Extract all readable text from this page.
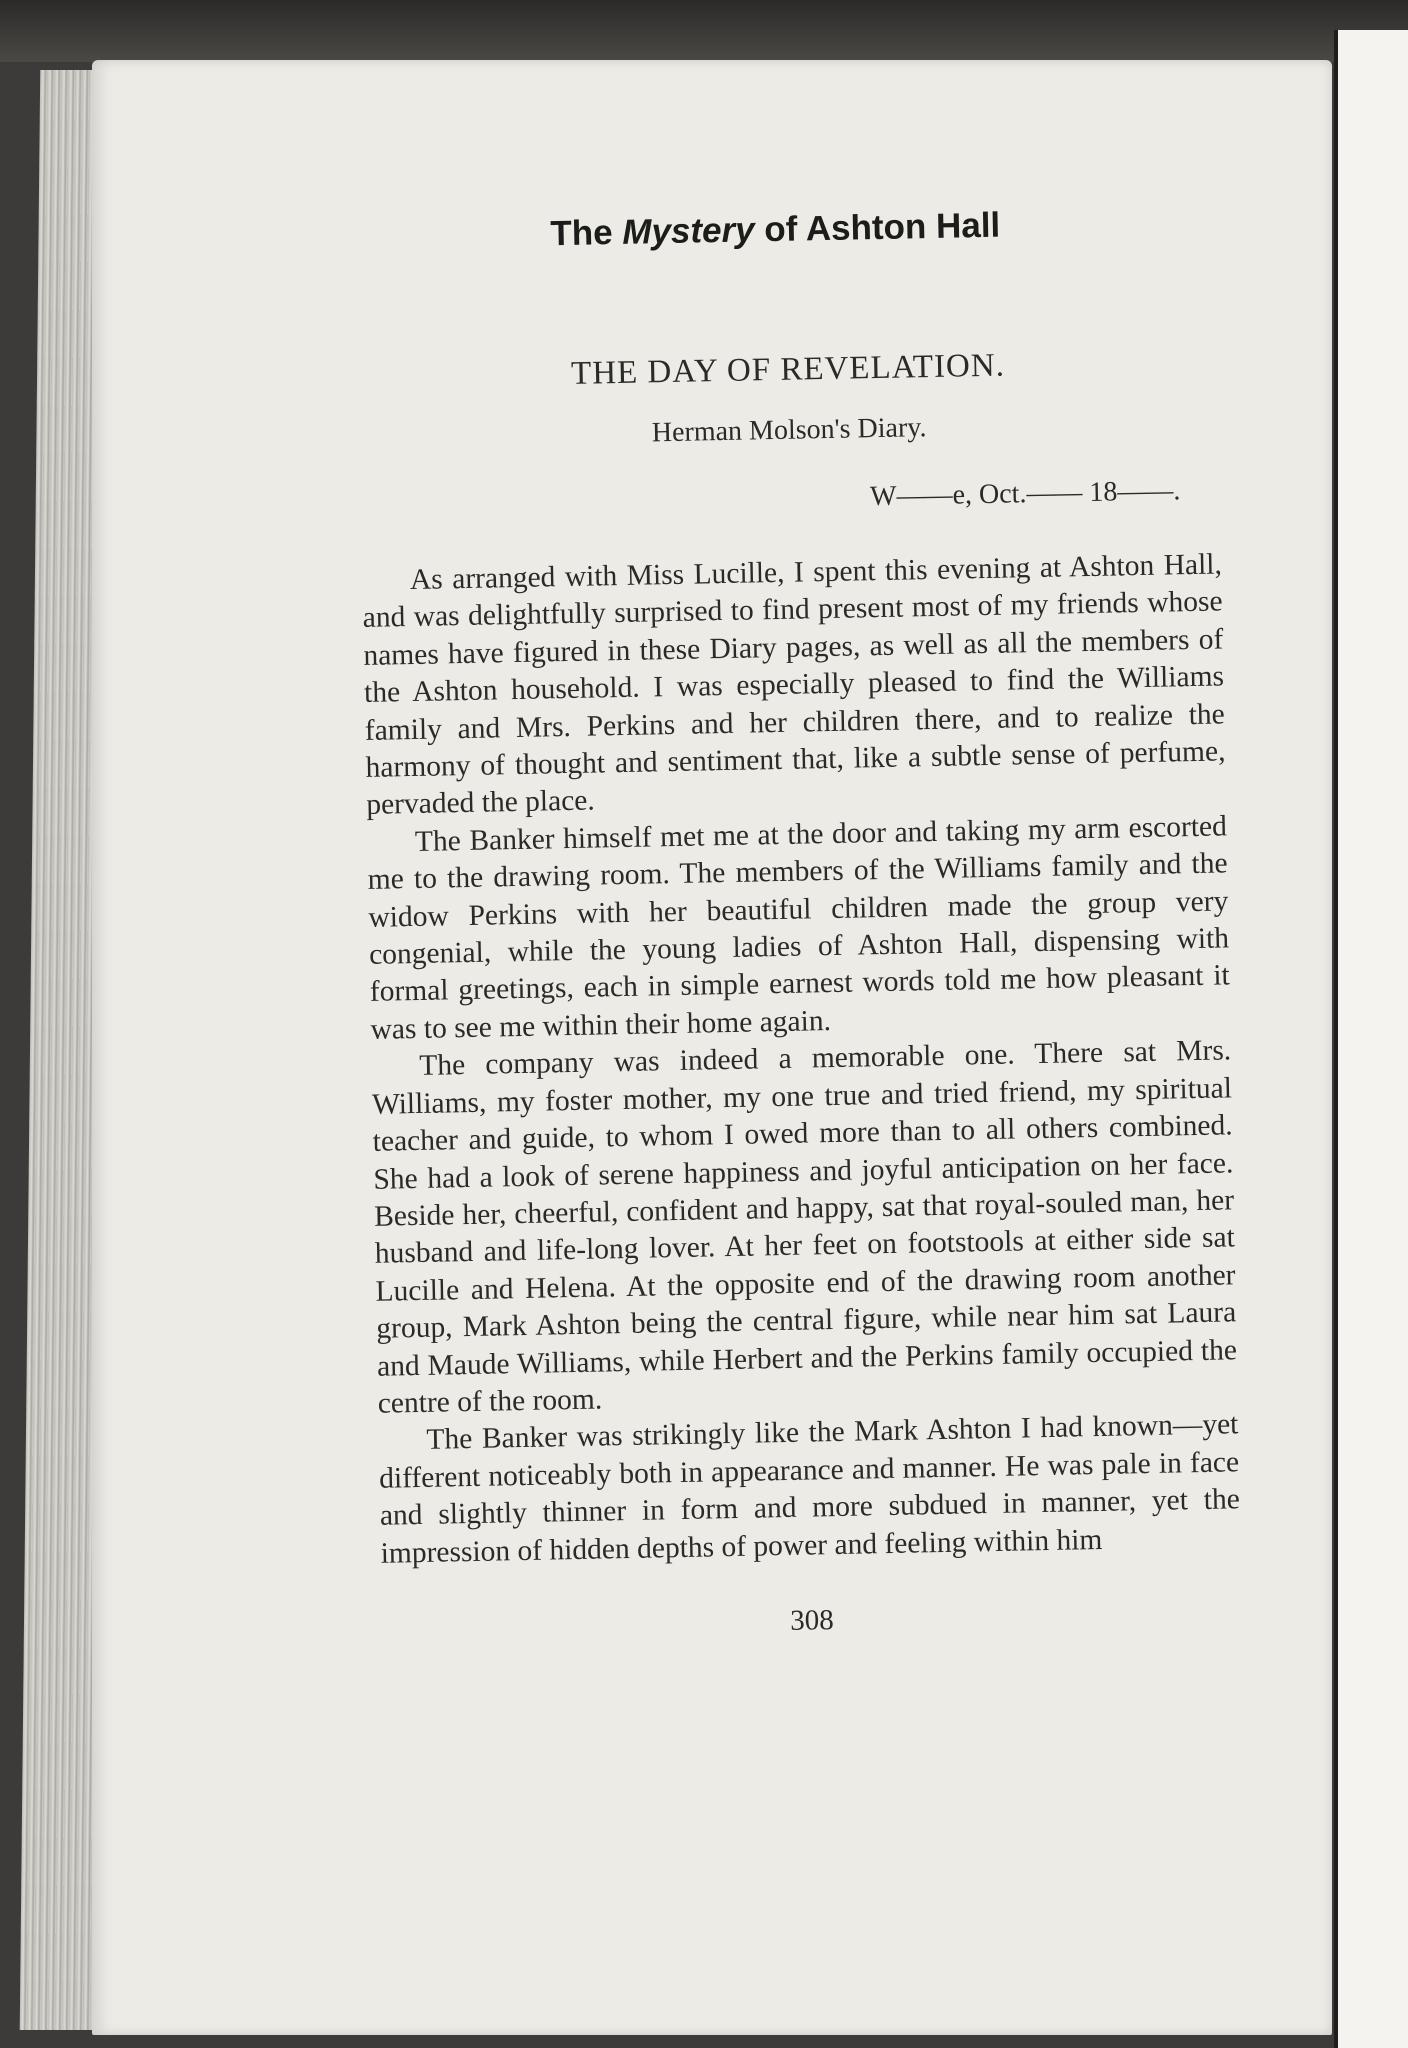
The Mystery of Ashton Hall
THE DAY OF REVELATION.
Herman Molson's Diary.
W——e, Oct.—— 18——.

As arranged with Miss Lucille, I spent this evening at Ashton Hall, and was delightfully surprised to find present most of my friends whose names have figured in these Diary pages, as well as all the members of the Ashton household. I was especially pleased to find the Williams family and Mrs. Perkins and her children there, and to realize the harmony of thought and sentiment that, like a subtle sense of perfume, pervaded the place.

The Banker himself met me at the door and taking my arm escorted me to the drawing room. The members of the Williams family and the widow Perkins with her beautiful children made the group very congenial, while the young ladies of Ashton Hall, dispensing with formal greetings, each in simple earnest words told me how pleasant it was to see me within their home again.

The company was indeed a memorable one. There sat Mrs. Williams, my foster mother, my one true and tried friend, my spiritual teacher and guide, to whom I owed more than to all others combined. She had a look of serene happiness and joyful anticipation on her face. Beside her, cheerful, confident and happy, sat that royal-souled man, her husband and life-long lover. At her feet on footstools at either side sat Lucille and Helena. At the opposite end of the drawing room another group, Mark Ashton being the central figure, while near him sat Laura and Maude Williams, while Herbert and the Perkins family occupied the centre of the room.

The Banker was strikingly like the Mark Ashton I had known—yet different noticeably both in appearance and manner. He was pale in face and slightly thinner in form and more subdued in manner, yet the impression of hidden depths of power and feeling within him

308
